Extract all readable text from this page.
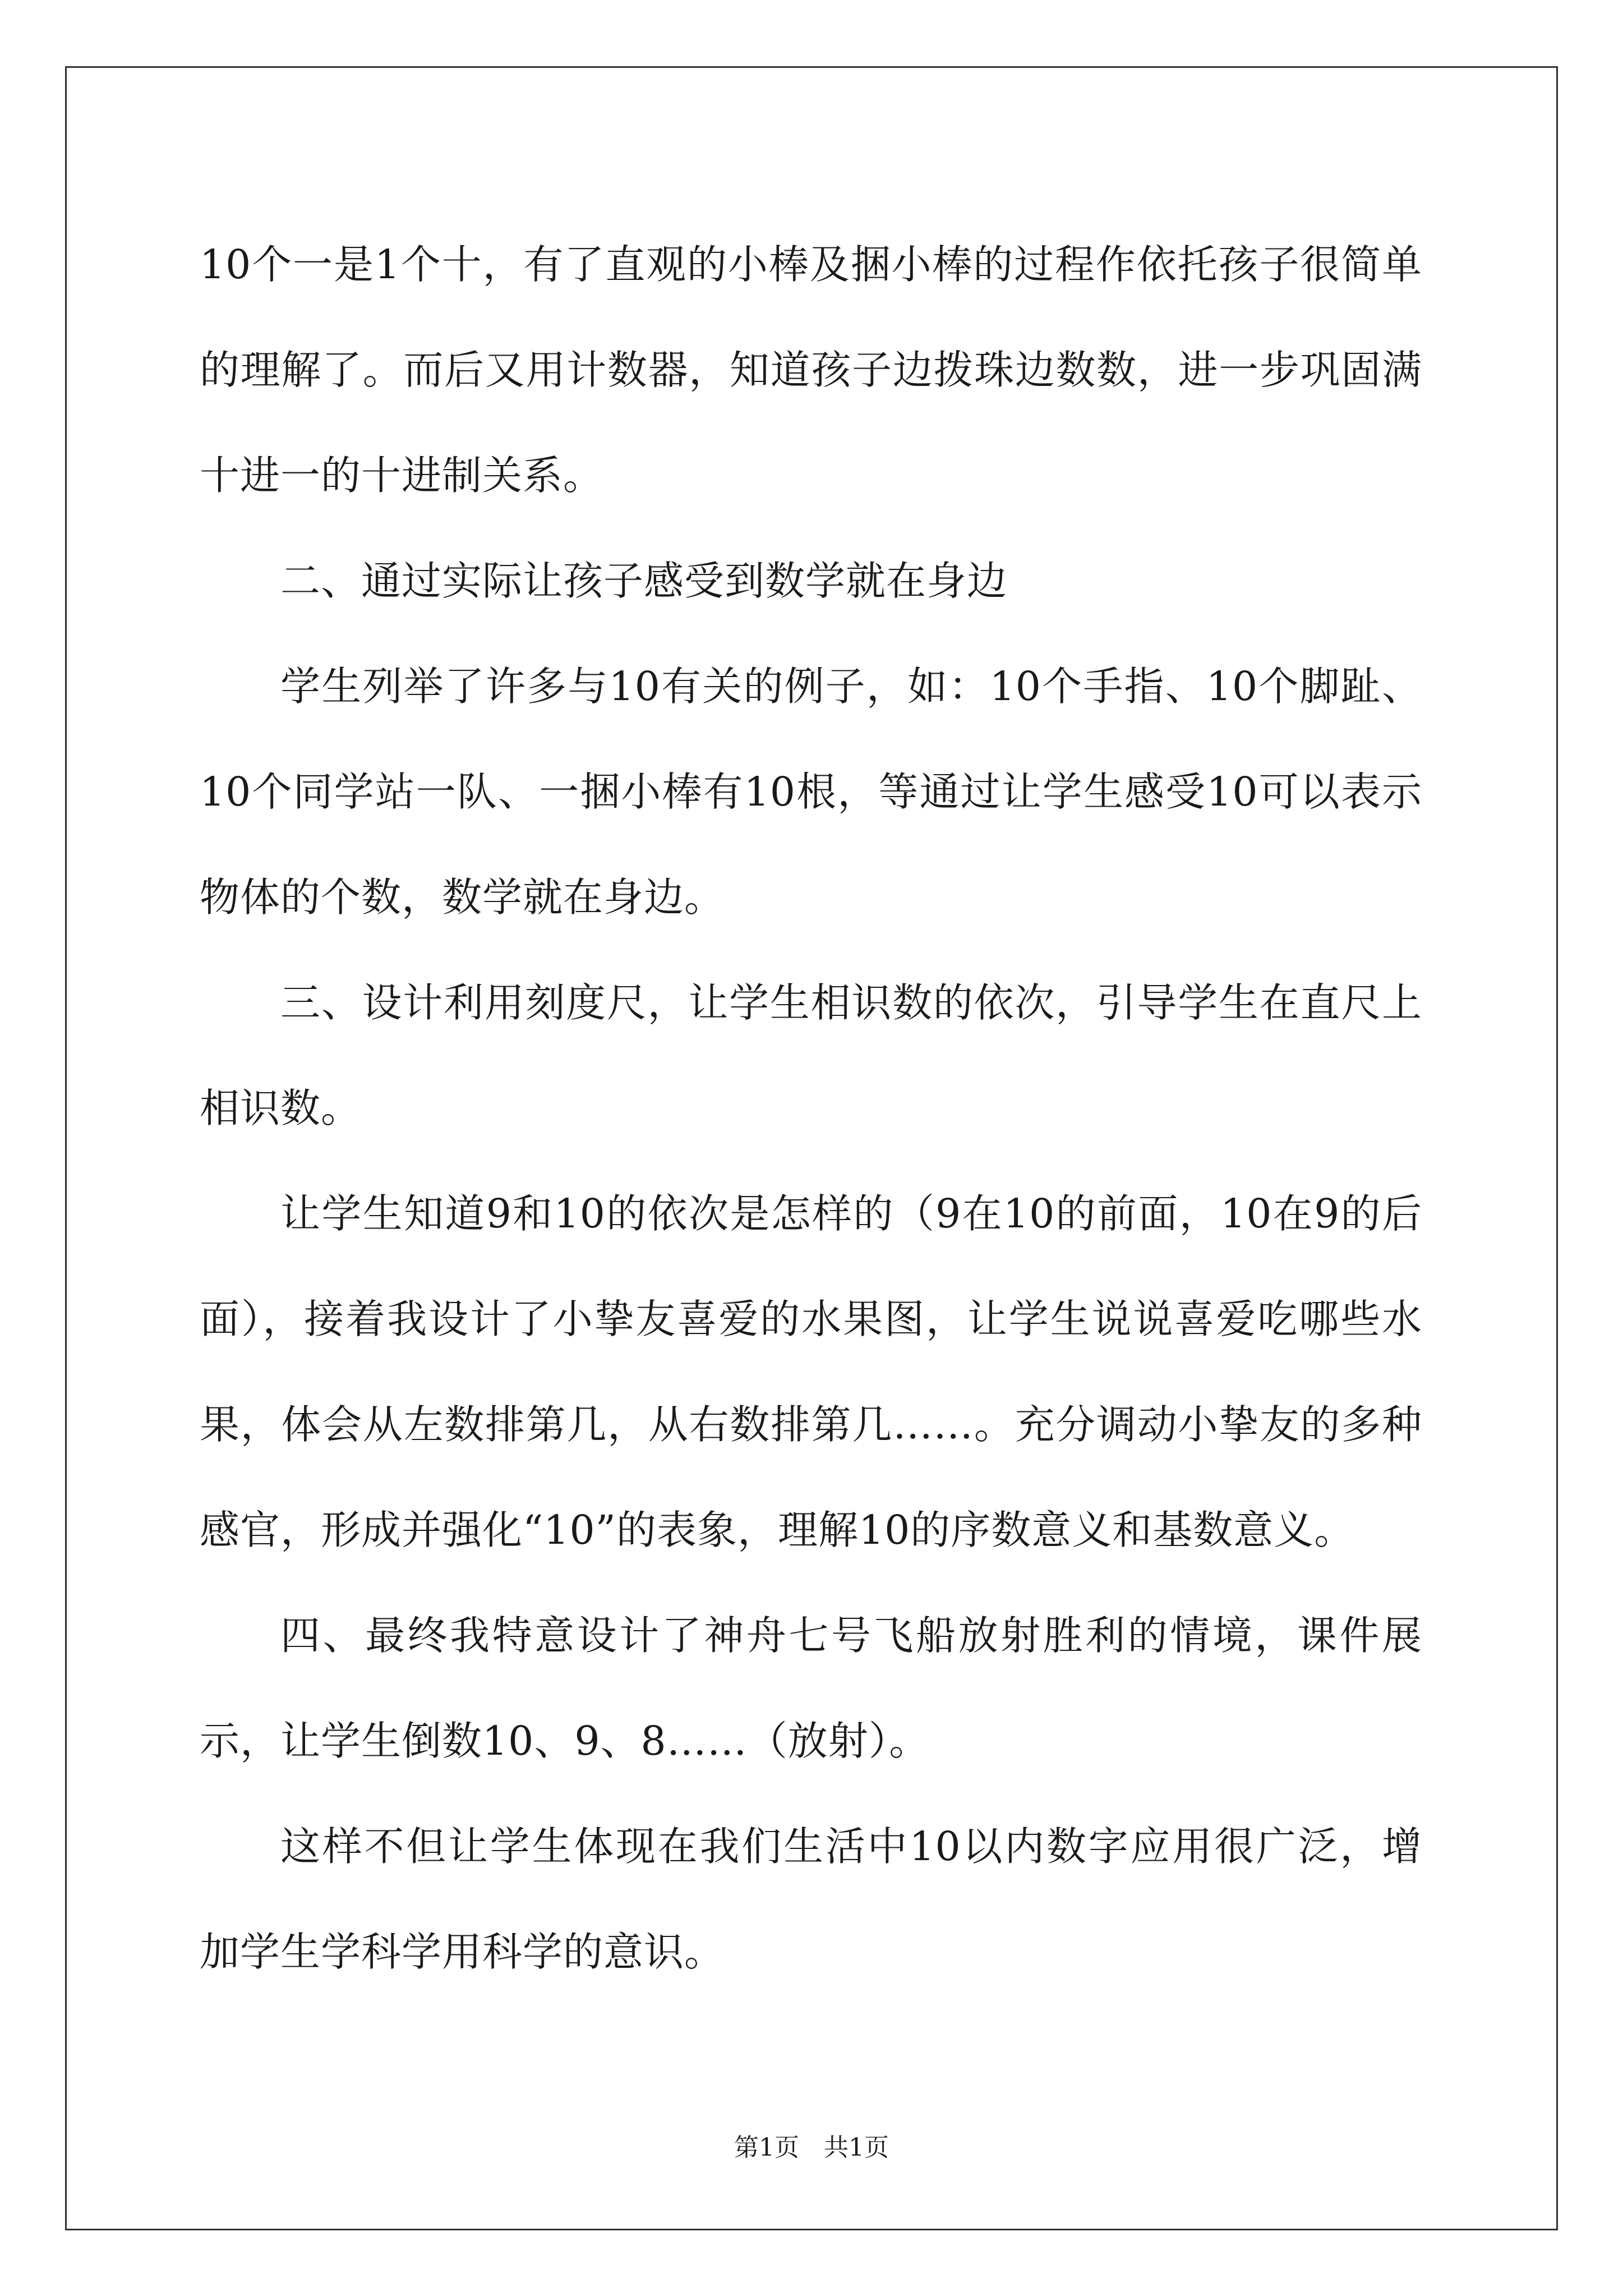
10个一是1个十，有了直观的小棒及捆小棒的过程作依托孩子很简单的理解了。而后又用计数器，知道孩子边拨珠边数数，进一步巩固满十进一的十进制关系。

二、通过实际让孩子感受到数学就在身边

学生列举了许多与10有关的例子，如：10个手指、10个脚趾、10个同学站一队、一捆小棒有10根，等通过让学生感受10可以表示物体的个数，数学就在身边。

三、设计利用刻度尺，让学生相识数的依次，引导学生在直尺上相识数。

让学生知道9和10的依次是怎样的（9在10的前面，10在9的后面），接着我设计了小挚友喜爱的水果图，让学生说说喜爱吃哪些水果，体会从左数排第几，从右数排第几……。充分调动小挚友的多种感官，形成并强化“10”的表象，理解10的序数意义和基数意义。

四、最终我特意设计了神舟七号飞船放射胜利的情境，课件展示，让学生倒数10、9、8……（放射）。

这样不但让学生体现在我们生活中10以内数字应用很广泛，增加学生学科学用科学的意识。

第1页 共1页
